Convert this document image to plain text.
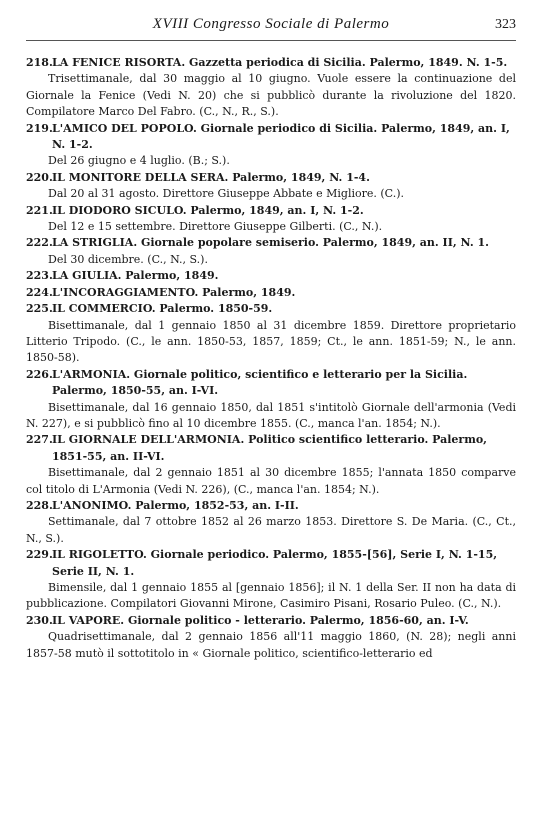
XVIII Congresso Sociale di Palermo	323
218.LA FENICE RISORTA. Gazzetta periodica di Sicilia. Palermo, 1849. N. 1-5.
Trisettimanale, dal 30 maggio al 10 giugno. Vuole essere la continuazione del Giornale la Fenice (Vedi N. 20) che si pubblicò durante la rivoluzione del 1820. Compilatore Marco Del Fabro. (C., N., R., S.).
219.L'AMICO DEL POPOLO. Giornale periodico di Sicilia. Palermo, 1849, an. I, N. 1-2.
Del 26 giugno e 4 luglio. (B.; S.).
220.IL MONITORE DELLA SERA. Palermo, 1849, N. 1-4.
Dal 20 al 31 agosto. Direttore Giuseppe Abbate e Migliore. (C.).
221.IL DIODORO SICULO. Palermo, 1849, an. I, N. 1-2.
Del 12 e 15 settembre. Direttore Giuseppe Gilberti. (C., N.).
222.LA STRIGLIA. Giornale popolare semiserio. Palermo, 1849, an. II, N. 1.
Del 30 dicembre. (C., N., S.).
223.LA GIULIA. Palermo, 1849.
224.L'INCORAGGIAMENTO. Palermo, 1849.
225.IL COMMERCIO. Palermo. 1850-59.
Bisettimanale, dal 1 gennaio 1850 al 31 dicembre 1859. Direttore proprietario Litterio Tripodo. (C., le ann. 1850-53, 1857, 1859; Ct., le ann. 1851-59; N., le ann. 1850-58).
226.L'ARMONIA. Giornale politico, scientifico e letterario per la Sicilia. Palermo, 1850-55, an. I-VI.
Bisettimanale, dal 16 gennaio 1850, dal 1851 s'intitolò Giornale dell'armonia (Vedi N. 227), e si pubblicò fino al 10 dicembre 1855. (C., manca l'an. 1854; N.).
227.IL GIORNALE DELL'ARMONIA. Politico scientifico letterario. Palermo, 1851-55, an. II-VI.
Bisettimanale, dal 2 gennaio 1851 al 30 dicembre 1855; l'annata 1850 comparve col titolo di L'Armonia (Vedi N. 226), (C., manca l'an. 1854; N.).
228.L'ANONIMO. Palermo, 1852-53, an. I-II.
Settimanale, dal 7 ottobre 1852 al 26 marzo 1853. Direttore S. De Maria. (C., Ct., N., S.).
229.IL RIGOLETTO. Giornale periodico. Palermo, 1855-[56], Serie I, N. 1-15, Serie II, N. 1.
Bimensile, dal 1 gennaio 1855 al [gennaio 1856]; il N. 1 della Ser. II non ha data di pubblicazione. Compilatori Giovanni Mirone, Casimiro Pisani, Rosario Puleo. (C., N.).
230.IL VAPORE. Giornale politico - letterario. Palermo, 1856-60, an. I-V.
Quadrisettimanale, dal 2 gennaio 1856 all'11 maggio 1860, (N. 28); negli anni 1857-58 mutò il sottotitolo in « Giornale politico, scientifico-letterario ed
